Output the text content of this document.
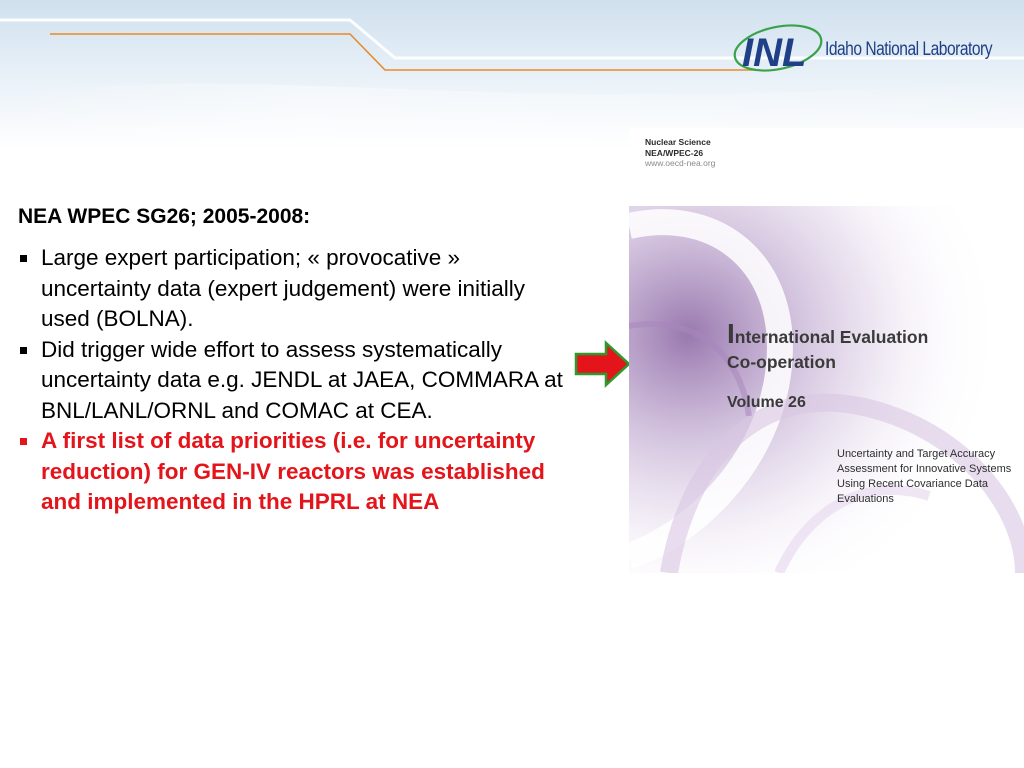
INL Idaho National Laboratory
NEA WPEC SG26; 2005-2008:
Large expert participation; « provocative » uncertainty data (expert judgement) were initially used (BOLNA).
Did trigger wide effort to assess systematically uncertainty data e.g. JENDL at JAEA, COMMARA at BNL/LANL/ORNL and COMAC at CEA.
A first list of data priorities (i.e. for uncertainty reduction) for GEN-IV reactors was established and implemented in the HPRL at NEA
Nuclear Science
NEA/WPEC-26
www.oecd-nea.org
International Evaluation
Co-operation
Volume 26
Uncertainty and Target Accuracy
Assessment for Innovative Systems
Using Recent Covariance Data
Evaluations
